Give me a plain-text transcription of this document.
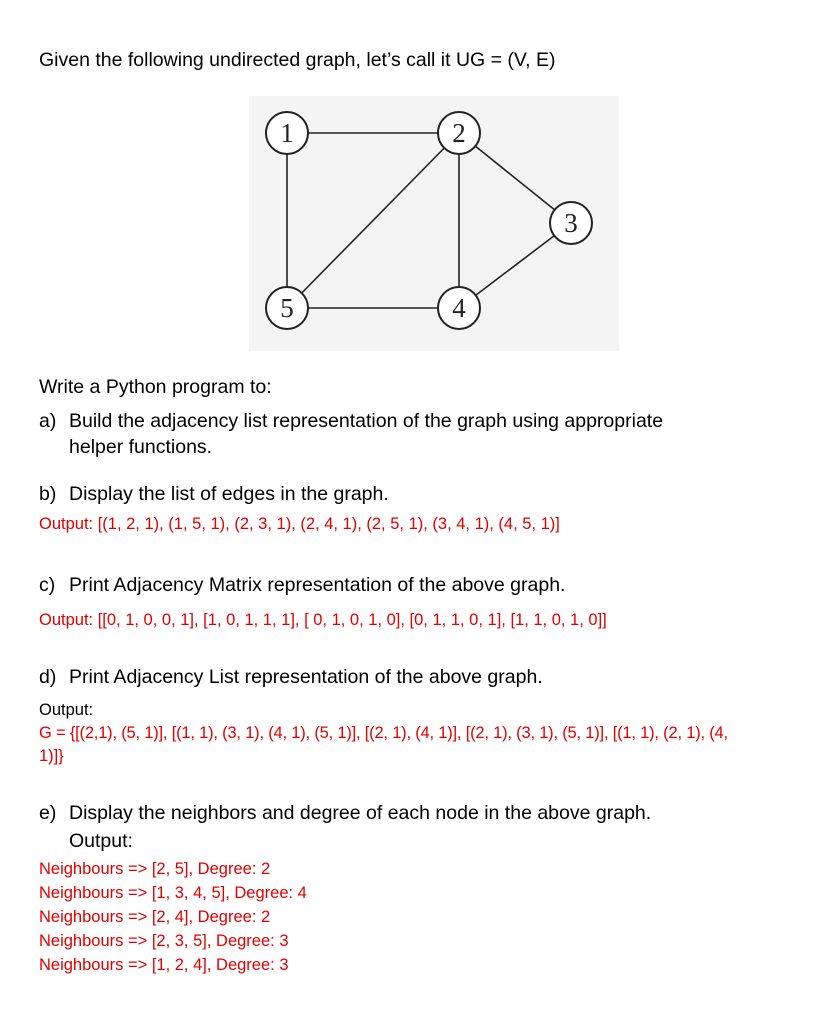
Given the following undirected graph, let’s call it UG = (V, E)

1	2
3
4
5

Write a Python program to:

a) Build the adjacency list representation of the graph using appropriate
helper functions.
b) Display the list of edges in the graph.

Output: [(1, 2, 1), (1, 5, 1), (2, 3, 1), (2, 4, 1), (2, 5, 1), (3, 4, 1), (4, 5, 1)]

c) Print Adjacency Matrix representation of the above graph.

Output: [[0, 1, 0, 0, 1], [1, 0, 1, 1, 1], [ 0, 1, 0, 1, 0], [0, 1, 1, 0, 1], [1, 1, 0, 1, 0]]

d) Print Adjacency List representation of the above graph.

Output:

G = {[(2,1), (5, 1)], [(1, 1), (3, 1), (4, 1), (5, 1)], [(2, 1), (4, 1)], [(2, 1), (3, 1), (5, 1)], [(1, 1), (2, 1), (4,

1)]}

e) Display the neighbors and degree of each node in the above graph.
Output:

Neighbours => [2, 5], Degree: 2

Neighbours => [1, 3, 4, 5], Degree: 4

Neighbours => [2, 4], Degree: 2

Neighbours => [2, 3, 5], Degree: 3

Neighbours => [1, 2, 4], Degree: 3
